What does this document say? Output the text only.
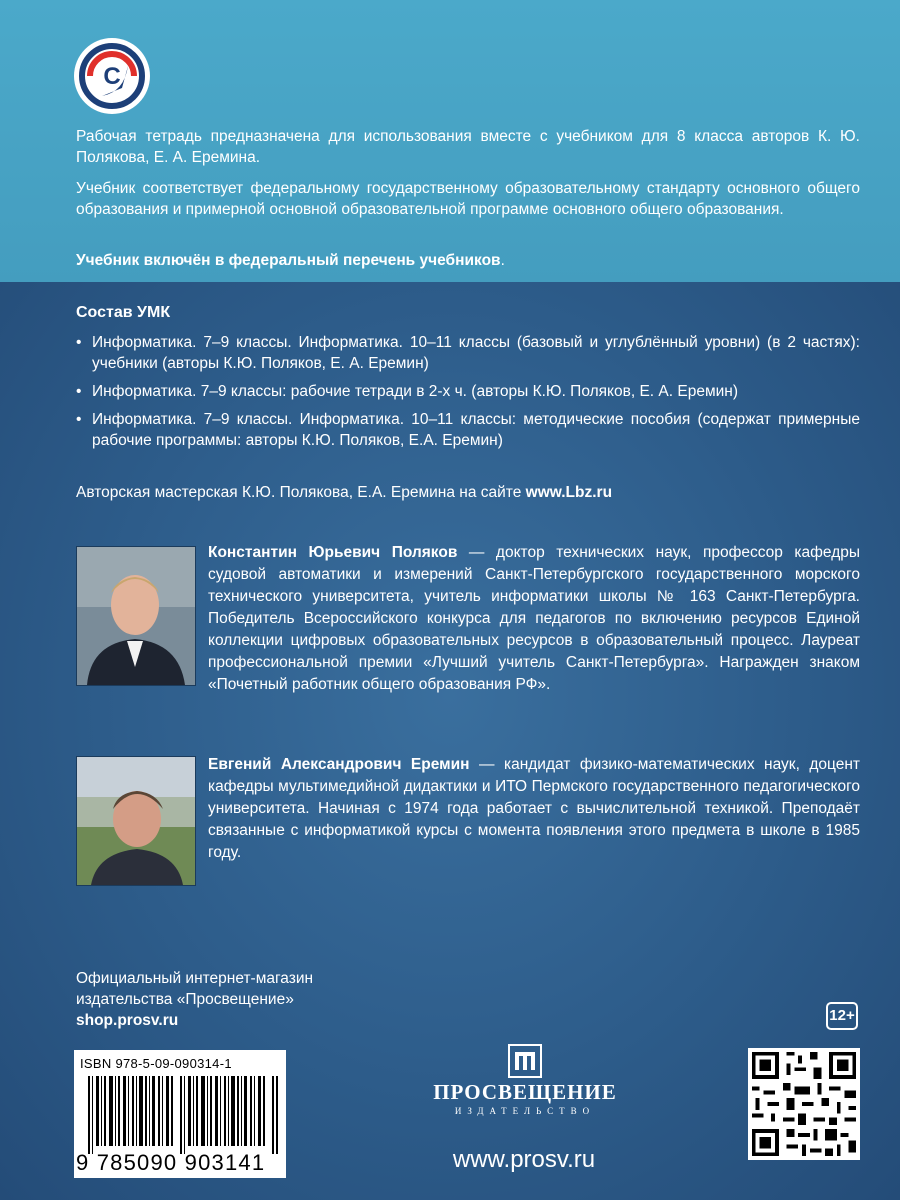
С

Рабочая тетрадь предназначена для использования вместе с учебником для 8 класса авторов К. Ю. Полякова, Е. А. Еремина.

Учебник соответствует федеральному государственному образовательному стандарту основного общего образования и примерной основной образовательной программе основного общего образования.

Учебник включён в федеральный перечень учебников.

Состав УМК
• Информатика. 7–9 классы. Информатика. 10–11 классы (базовый и углублённый уровни) (в 2 частях): учебники (авторы К.Ю. Поляков, Е. А. Еремин)
• Информатика. 7–9 классы: рабочие тетради в 2-х ч. (авторы К.Ю. Поляков, Е. А. Еремин)
• Информатика. 7–9 классы. Информатика. 10–11 классы: методические пособия (содержат примерные рабочие программы: авторы К.Ю. Поляков, Е.А. Еремин)
Авторская мастерская К.Ю. Полякова, Е.А. Еремина на сайте www.Lbz.ru

Константин Юрьевич Поляков — доктор технических наук, профессор кафедры судовой автоматики и измерений Санкт-Петербургского государственного морского технического университета, учитель информатики школы № 163 Санкт-Петербурга. Победитель Всероссийского конкурса для педагогов по включению ресурсов Единой коллекции цифровых образовательных ресурсов в образовательный процесс. Лауреат профессиональной премии «Лучший учитель Санкт-Петербурга». Награжден знаком «Почетный работник общего образования РФ».

Евгений Александрович Еремин — кандидат физико-математических наук, доцент кафедры мультимедийной дидактики и ИТО Пермского государственного педагогического университета. Начиная с 1974 года работает с вычислительной техникой. Преподаёт связанные с информатикой курсы с момента появления этого предмета в школе в 1985 году.

Официальный интернет-магазин
издательства «Просвещение»
shop.prosv.ru	12+
ISBN 978-5-09-090314-1
9 785090 903141
ПРОСВЕЩЕНИЕ
ИЗДАТЕЛЬСТВО
www.prosv.ru
